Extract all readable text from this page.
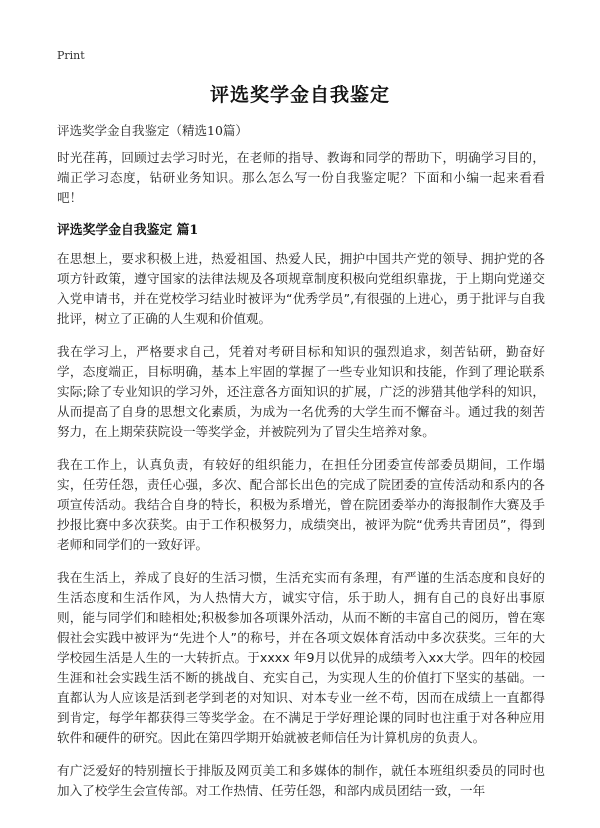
Print
评选奖学金自我鉴定
评选奖学金自我鉴定（精选10篇）

时光荏苒，回顾过去学习时光，在老师的指导、教诲和同学的帮助下，明确学习目的，端正学习态度，钻研业务知识。那么怎么写一份自我鉴定呢？下面和小编一起来看看吧！

评选奖学金自我鉴定 篇1

在思想上，要求积极上进，热爱祖国、热爱人民，拥护中国共产党的领导、拥护党的各项方针政策，遵守国家的法律法规及各项规章制度积极向党组织靠拢，于上期向党递交入党申请书，并在党校学习结业时被评为“优秀学员”,有很强的上进心，勇于批评与自我批评，树立了正确的人生观和价值观。

我在学习上，严格要求自己，凭着对考研目标和知识的强烈追求，刻苦钻研，勤奋好学，态度端正，目标明确，基本上牢固的掌握了一些专业知识和技能，作到了理论联系实际;除了专业知识的学习外，还注意各方面知识的扩展，广泛的涉猎其他学科的知识，从而提高了自身的思想文化素质，为成为一名优秀的大学生而不懈奋斗。通过我的刻苦努力，在上期荣获院设一等奖学金，并被院列为了冒尖生培养对象。

我在工作上，认真负责，有较好的组织能力，在担任分团委宣传部委员期间，工作塌实，任劳任怨，责任心强，多次、配合部长出色的完成了院团委的宣传活动和系内的各项宣传活动。我结合自身的特长，积极为系增光，曾在院团委举办的海报制作大赛及手抄报比赛中多次获奖。由于工作积极努力，成绩突出，被评为院“优秀共青团员”，得到老师和同学们的一致好评。

我在生活上，养成了良好的生活习惯，生活充实而有条理，有严谨的生活态度和良好的生活态度和生活作风，为人热情大方，诚实守信，乐于助人，拥有自己的良好出事原则，能与同学们和睦相处;积极参加各项课外活动，从而不断的丰富自己的阅历，曾在寒假社会实践中被评为“先进个人”的称号，并在各项文娱体育活动中多次获奖。三年的大学校园生活是人生的一大转折点。于xxxx 年9月以优异的成绩考入xx大学。四年的校园生涯和社会实践生活不断的挑战自、充实自己，为实现人生的价值打下坚实的基础。一直都认为人应该是活到老学到老的对知识、对本专业一丝不苟，因而在成绩上一直都得到肯定，每学年都获得三等奖学金。在不满足于学好理论课的同时也注重于对各种应用软件和硬件的研究。因此在第四学期开始就被老师信任为计算机房的负责人。

有广泛爱好的特别擅长于排版及网页美工和多媒体的制作，就任本班组织委员的同时也加入了校学生会宣传部。对工作热情、任劳任怨，和部内成员团结一致，一年
